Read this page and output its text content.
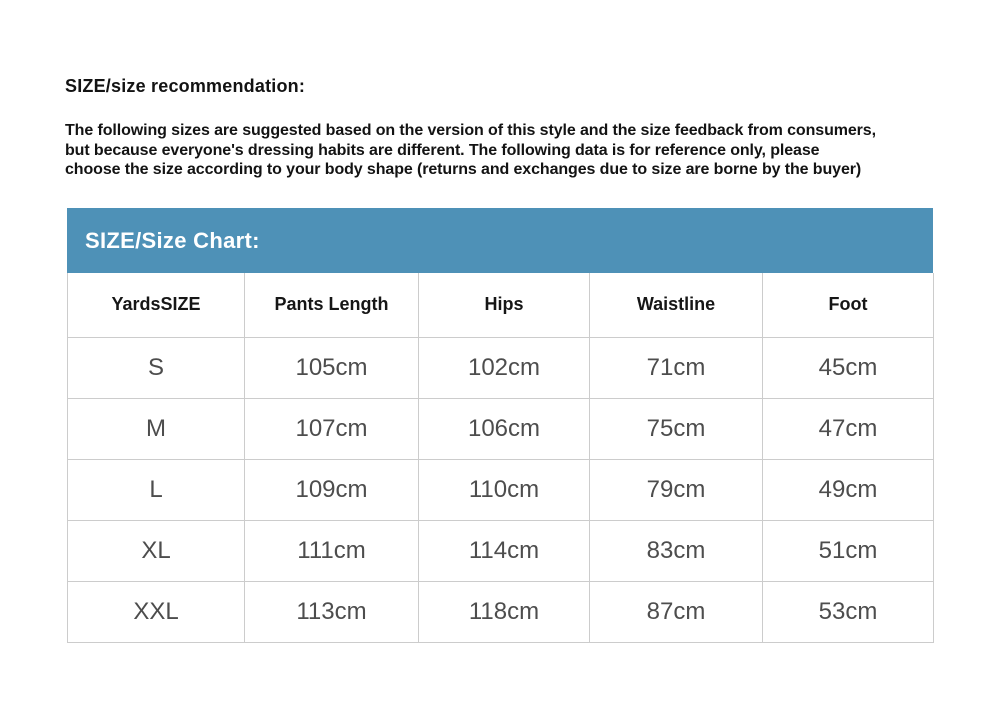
SIZE/size recommendation:
The following sizes are suggested based on the version of this style and the size feedback from consumers,
but because everyone's dressing habits are different. The following data is for reference only, please
choose the size according to your body shape (returns and exchanges due to size are borne by the buyer)
SIZE/Size Chart:
YardsSIZE	Pants Length	Hips	Waistline	Foot
S	105cm	102cm	71cm	45cm
M	107cm	106cm	75cm	47cm
L	109cm	110cm	79cm	49cm
XL	111cm	114cm	83cm	51cm
XXL	113cm	118cm	87cm	53cm
